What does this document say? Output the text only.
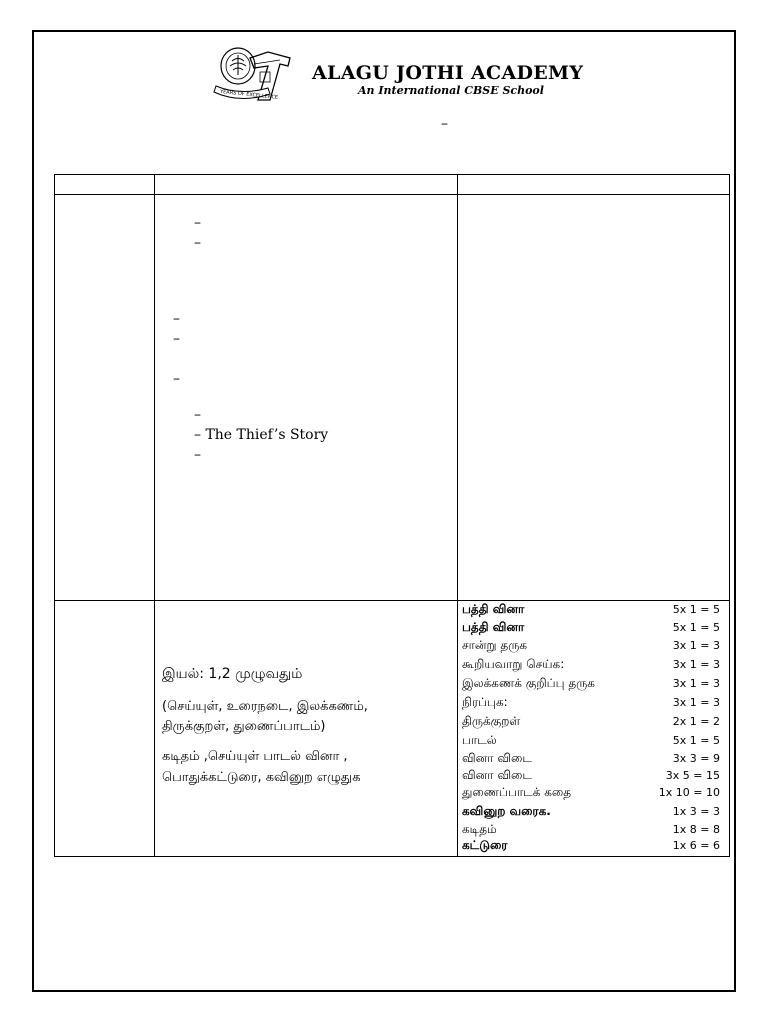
YEARS OF EXCELLENCE
ALAGU JOTHI ACADEMY
An International CBSE School
–
–
–
–
–
–
–
– The Thief’s Story
–
இயல்: 1,2 முழுவதும்
(செய்யுள், உரைநடை, இலக்கணம்,
திருக்குறள், துணைப்பாடம்)
கடிதம் ,செய்யுள் பாடல் வினா ,
பொதுக்கட்டுரை, கவினுற எழுதுக
பத்தி வினா	5x 1 = 5
பத்தி வினா	5x 1 = 5
சான்று தருக	3x 1 = 3
கூறியவாறு செய்க:	3x 1 = 3
இலக்கணக் குறிப்பு தருக	3x 1 = 3
நிரப்புக:	3x 1 = 3
திருக்குறள்	2x 1 = 2
பாடல்	5x 1 = 5
வினா விடை	3x 3 = 9
வினா விடை	3x 5 = 15
துணைப்பாடக் கதை	1x 10 = 10
கவினுற வரைக.	1x 3 = 3
கடிதம்	1x 8 = 8
கட்டுரை	1x 6 = 6
